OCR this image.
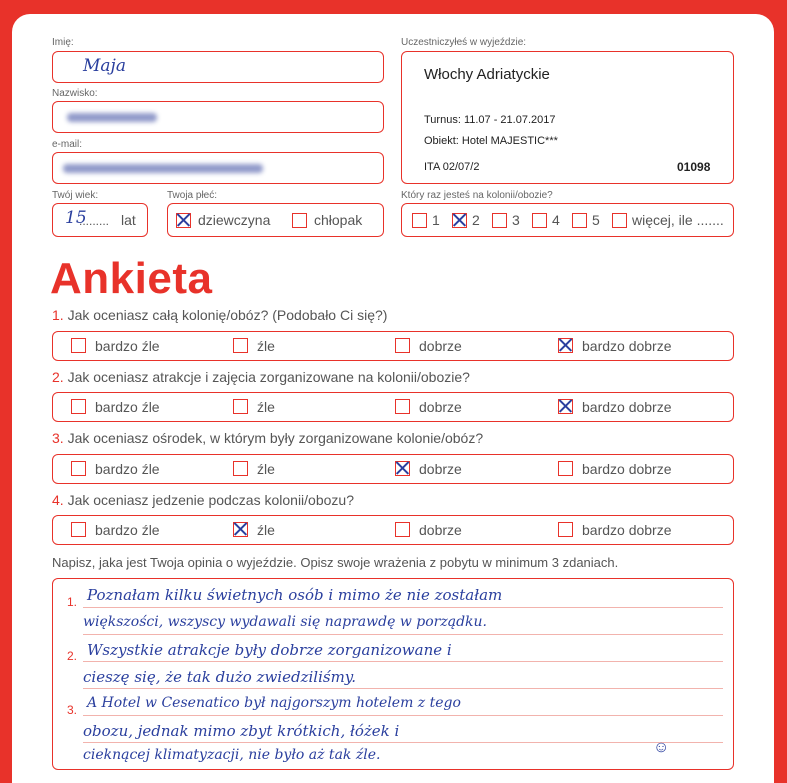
Imię:
Maja
Nazwisko:
e-mail:
Twój wiek:
15
......... lat
Twoja płeć:
dziewczyna	chłopak
Uczestniczyłeś w wyjeździe:
Włochy Adriatyckie
Turnus: 11.07 - 21.07.2017
Obiekt: Hotel MAJESTIC***
ITA 02/07/2	01098
Który raz jesteś na kolonii/obozie?
1 2 3 4 5 więcej, ile .......
Ankieta
1. Jak oceniasz całą kolonię/obóz? (Podobało Ci się?)
bardzo źle	źle	dobrze	bardzo dobrze
2. Jak oceniasz atrakcje i zajęcia zorganizowane na kolonii/obozie?
bardzo źle	źle	dobrze	bardzo dobrze
3. Jak oceniasz ośrodek, w którym były zorganizowane kolonie/obóz?
bardzo źle	źle	dobrze	bardzo dobrze
4. Jak oceniasz jedzenie podczas kolonii/obozu?
bardzo źle	źle	dobrze	bardzo dobrze
Napisz, jaka jest Twoja opinia o wyjeździe. Opisz swoje wrażenia z pobytu w minimum 3 zdaniach.
1.
2.
3.
Poznałam kilku świetnych osób i mimo że nie zostałam
większości, wszyscy wydawali się naprawdę w porządku.
Wszystkie atrakcje były dobrze zorganizowane i
cieszę się, że tak dużo zwiedziliśmy.
A Hotel w Cesenatico był najgorszym hotelem z tego
obozu, jednak mimo zbyt krótkich, łóżek i
cieknącej klimatyzacji, nie było aż tak źle.	☺
